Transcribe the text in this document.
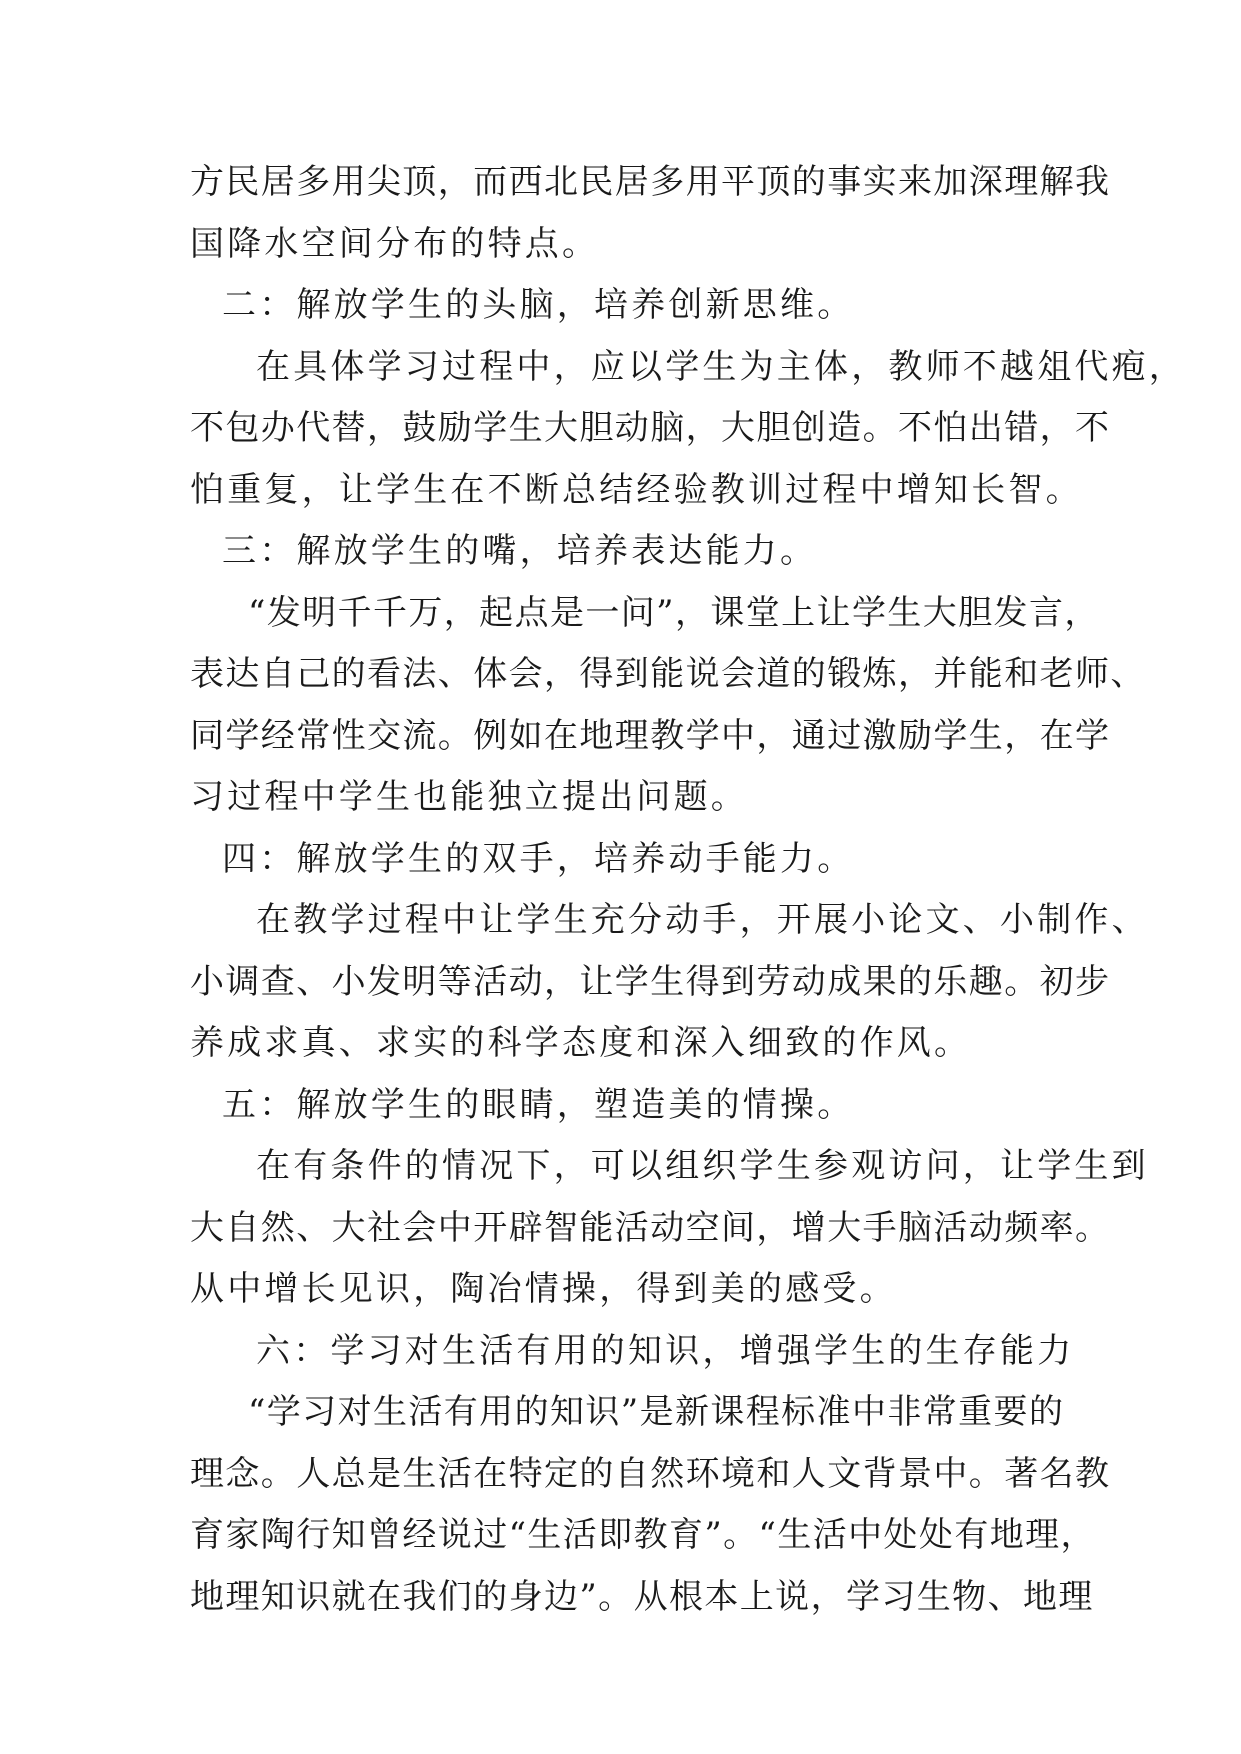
方民居多用尖顶，而西北民居多用平顶的事实来加深理解我
国降水空间分布的特点。
二：解放学生的头脑，培养创新思维。
在具体学习过程中，应以学生为主体，教师不越俎代疱，
不包办代替，鼓励学生大胆动脑，大胆创造。不怕出错，不
怕重复，让学生在不断总结经验教训过程中增知长智。
三：解放学生的嘴，培养表达能力。
“发明千千万，起点是一问”，课堂上让学生大胆发言，
表达自己的看法、体会，得到能说会道的锻炼，并能和老师、
同学经常性交流。例如在地理教学中，通过激励学生，在学
习过程中学生也能独立提出问题。
四：解放学生的双手，培养动手能力。
在教学过程中让学生充分动手，开展小论文、小制作、
小调查、小发明等活动，让学生得到劳动成果的乐趣。初步
养成求真、求实的科学态度和深入细致的作风。
五：解放学生的眼睛，塑造美的情操。
在有条件的情况下，可以组织学生参观访问，让学生到
大自然、大社会中开辟智能活动空间，增大手脑活动频率。
从中增长见识，陶冶情操，得到美的感受。
六：学习对生活有用的知识，增强学生的生存能力
“学习对生活有用的知识”是新课程标准中非常重要的
理念。人总是生活在特定的自然环境和人文背景中。著名教
育家陶行知曾经说过“生活即教育”。“生活中处处有地理，
地理知识就在我们的身边”。从根本上说，学习生物、地理
